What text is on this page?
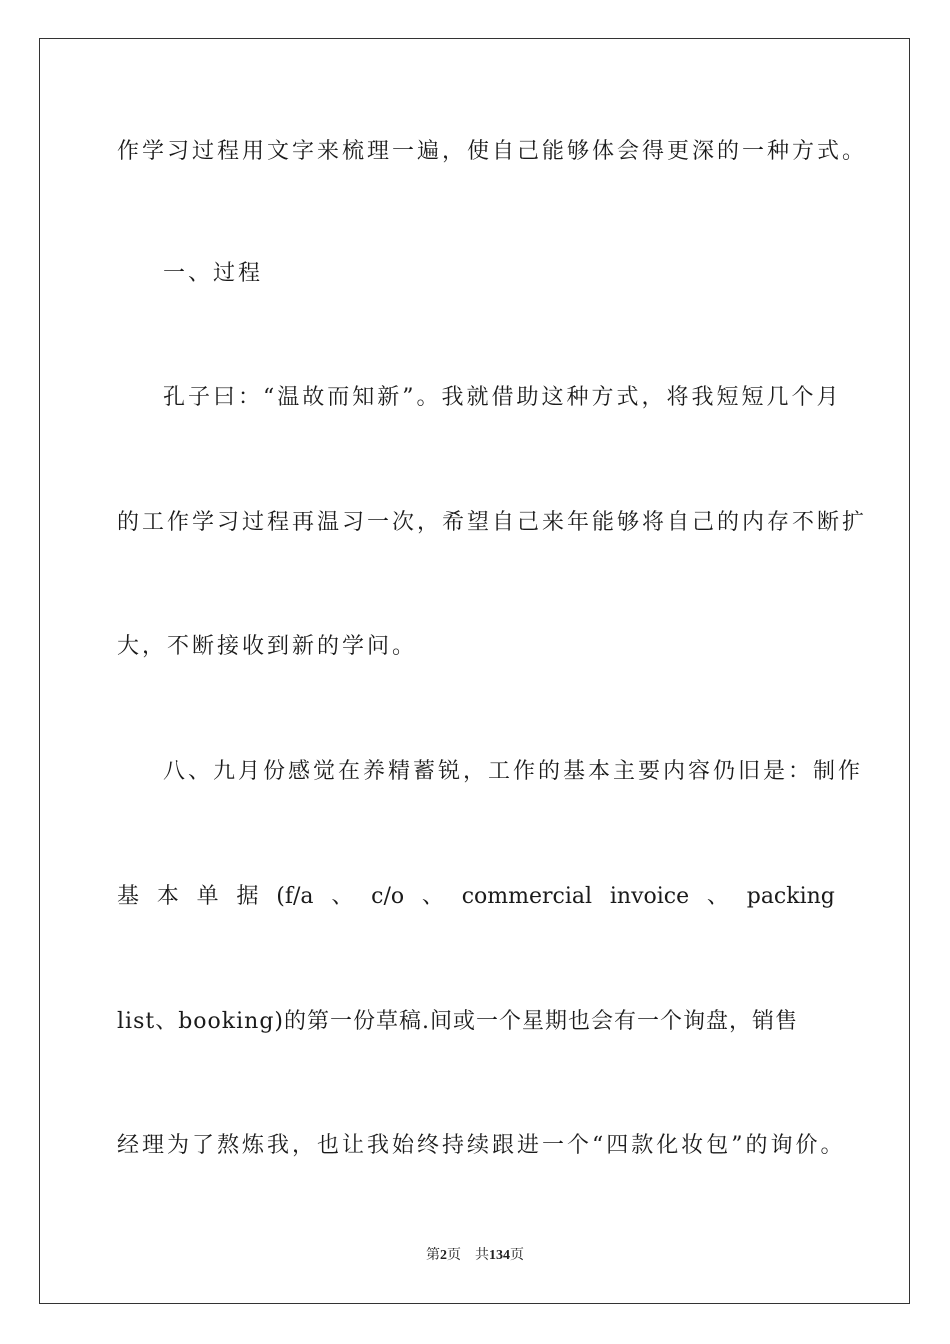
作学习过程用文字来梳理一遍，使自己能够体会得更深的一种方式。
一、过程
孔子曰：“温故而知新”。我就借助这种方式，将我短短几个月
的工作学习过程再温习一次，希望自己来年能够将自己的内存不断扩
大，不断接收到新的学问。
八、九月份感觉在养精蓄锐，工作的基本主要内容仍旧是：制作
基 本 单 据 (f/a 、 c/o 、 commercial invoice 、 packing
list、booking)的第一份草稿.间或一个星期也会有一个询盘，销售
经理为了熬炼我，也让我始终持续跟进一个“四款化妆包”的询价。
第2页　共134页
